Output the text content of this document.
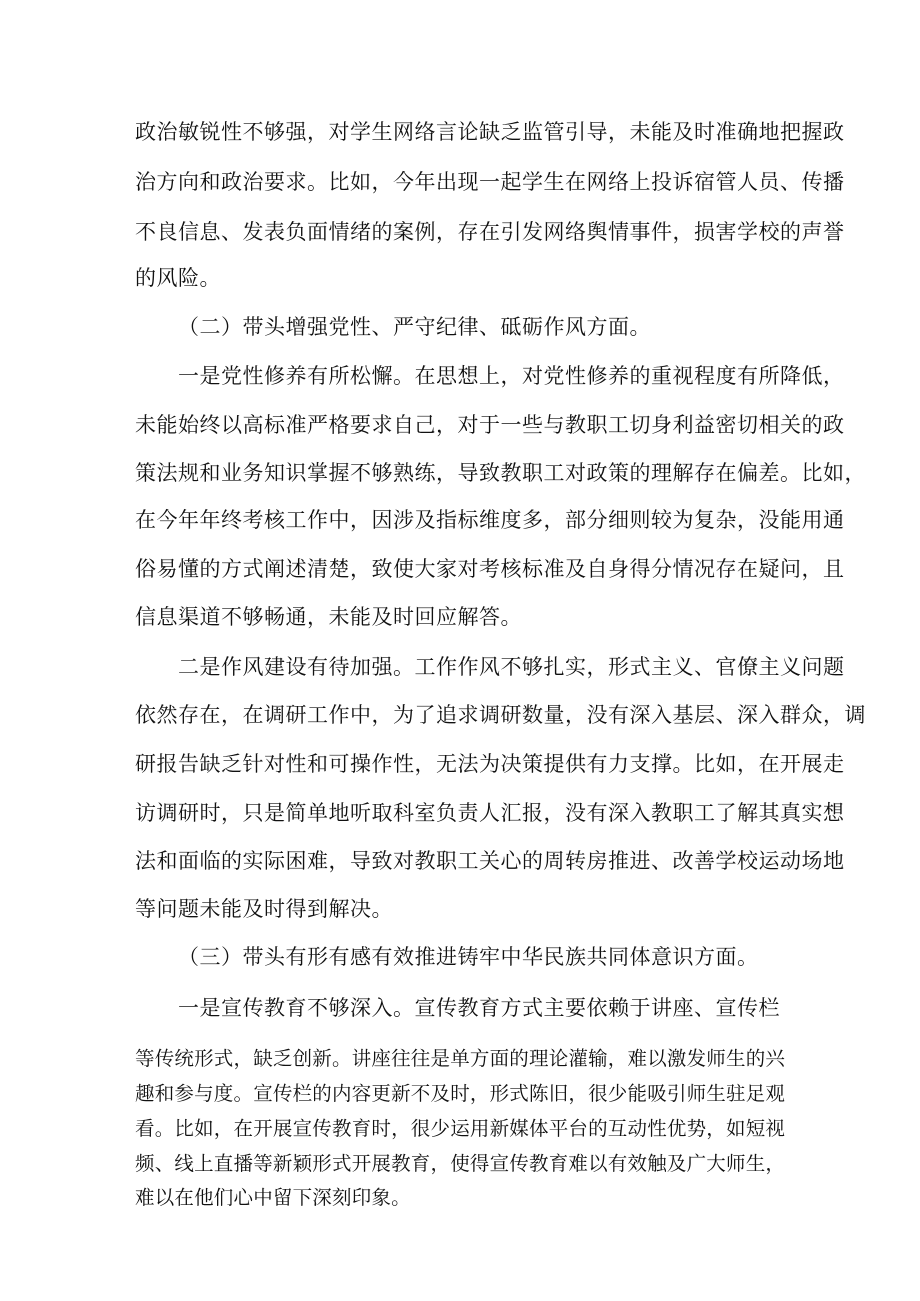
政治敏锐性不够强，对学生网络言论缺乏监管引导，未能及时准确地把握政
治方向和政治要求。比如，今年出现一起学生在网络上投诉宿管人员、传播
不良信息、发表负面情绪的案例，存在引发网络舆情事件，损害学校的声誉
的风险。
（二）带头增强党性、严守纪律、砥砺作风方面。
一是党性修养有所松懈。在思想上，对党性修养的重视程度有所降低，
未能始终以高标准严格要求自己，对于一些与教职工切身利益密切相关的政
策法规和业务知识掌握不够熟练，导致教职工对政策的理解存在偏差。比如，
在今年年终考核工作中，因涉及指标维度多，部分细则较为复杂，没能用通
俗易懂的方式阐述清楚，致使大家对考核标准及自身得分情况存在疑问，且
信息渠道不够畅通，未能及时回应解答。
二是作风建设有待加强。工作作风不够扎实，形式主义、官僚主义问题
依然存在，在调研工作中，为了追求调研数量，没有深入基层、深入群众，调
研报告缺乏针对性和可操作性，无法为决策提供有力支撑。比如，在开展走
访调研时，只是简单地听取科室负责人汇报，没有深入教职工了解其真实想
法和面临的实际困难，导致对教职工关心的周转房推进、改善学校运动场地
等问题未能及时得到解决。
（三）带头有形有感有效推进铸牢中华民族共同体意识方面。
一是宣传教育不够深入。宣传教育方式主要依赖于讲座、宣传栏
等传统形式，缺乏创新。讲座往往是单方面的理论灌输，难以激发师生的兴
趣和参与度。宣传栏的内容更新不及时，形式陈旧，很少能吸引师生驻足观
看。比如，在开展宣传教育时，很少运用新媒体平台的互动性优势，如短视
频、线上直播等新颖形式开展教育，使得宣传教育难以有效触及广大师生，
难以在他们心中留下深刻印象。
